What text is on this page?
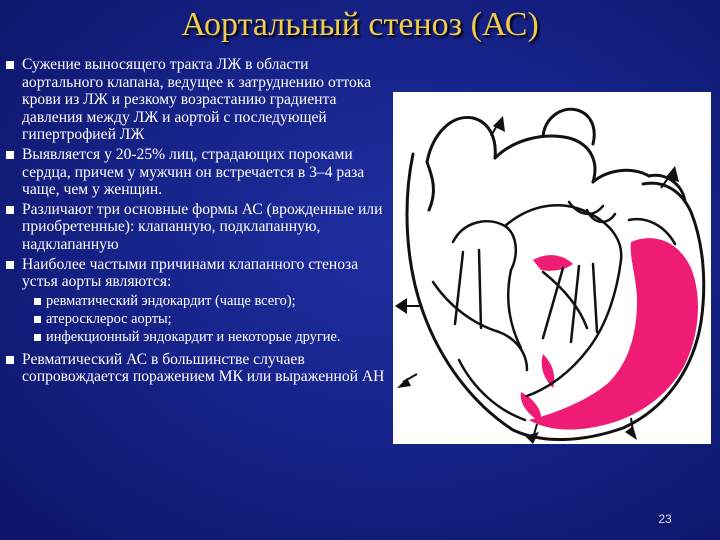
Аортальный стеноз (АС)
Сужение выносящего тракта ЛЖ в области аортального клапана, ведущее к затруднению оттока крови из ЛЖ и резкому возрастанию градиента давления между ЛЖ и аортой с последующей гипертрофией ЛЖ
Выявляется у 20-25% лиц, страдающих пороками сердца, причем у мужчин он встречается в 3–4 раза чаще, чем у женщин.
Различают три основные формы АС (врожденные или приобретенные): клапанную, подклапанную, надклапанную
Наиболее частыми причинами клапанного стеноза устья аорты являются:
ревматический эндокардит (чаще всего);
атеросклерос аорты;
инфекционный эндокардит и некоторые другие.
Ревматический АС в большинстве случаев сопровождается поражением МК или выраженной АН
23
